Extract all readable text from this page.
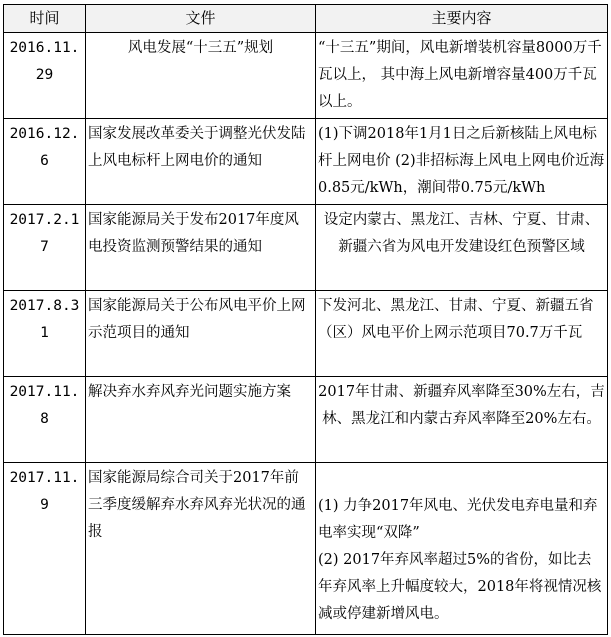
时间	文件	主要内容
2016.11.29	风电发展“十三五”规划	“十三五”期间，风电新增装机容量8000万千瓦以上， 其中海上风电新增容量400万千瓦以上。
2016.12.6	国家发展改革委关于调整光伏发陆上风电标杆上网电价的通知	(1)下调2018年1月1日之后新核陆上风电标杆上网电价 (2)非招标海上风电上网电价近海0.85元/kWh，潮间带0.75元/kWh
2017.2.17	国家能源局关于发布2017年度风电投资监测预警结果的通知	设定内蒙古、黑龙江、吉林、宁夏、甘肃、新疆六省为风电开发建设红色预警区域
2017.8.31	国家能源局关于公布风电平价上网示范项目的通知	下发河北、黑龙江、甘肃、宁夏、新疆五省（区）风电平价上网示范项目70.7万千瓦
2017.11.8	解决弃水弃风弃光问题实施方案	2017年甘肃、新疆弃风率降至30%左右，吉林、黑龙江和内蒙古弃风率降至20%左右。
2017.11.9	国家能源局综合司关于2017年前三季度缓解弃水弃风弃光状况的通报	(1) 力争2017年风电、光伏发电弃电量和弃电率实现“双降”
(2) 2017年弃风率超过5%的省份，如比去年弃风率上升幅度较大，2018年将视情况核减或停建新增风电。
